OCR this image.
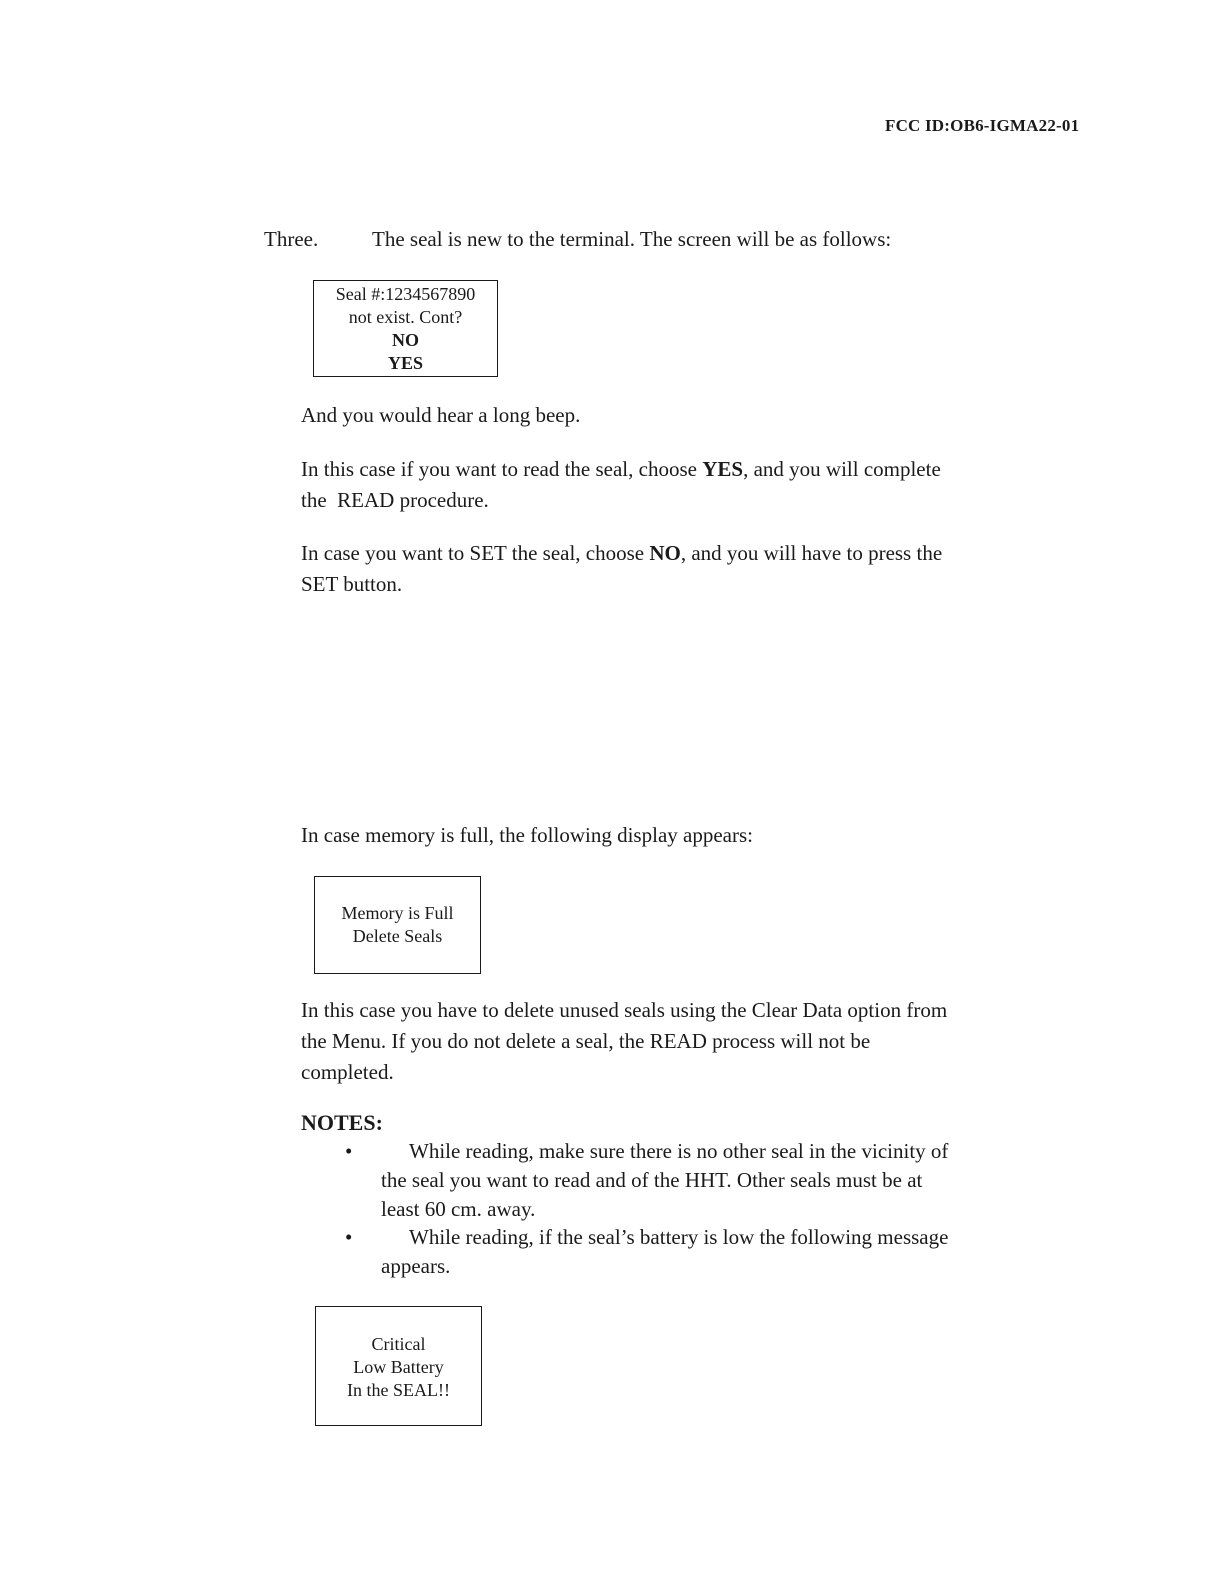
FCC ID:OB6-IGMA22-01
Three.	The seal is new to the terminal. The screen will be as follows:
Seal #:1234567890
not exist. Cont?
NO
YES
And you would hear a long beep.
In this case if you want to read the seal, choose YES, and you will complete
the  READ procedure.
In case you want to SET the seal, choose NO, and you will have to press the
SET button.
In case memory is full, the following display appears:
Memory is Full
Delete Seals
In this case you have to delete unused seals using the Clear Data option from
the Menu. If you do not delete a seal, the READ process will not be
completed.
NOTES:
•	While reading, make sure there is no other seal in the vicinity of
the seal you want to read and of the HHT. Other seals must be at
least 60 cm. away.
•	While reading, if the seal’s battery is low the following message
appears.
Critical
Low Battery
In the SEAL!!
